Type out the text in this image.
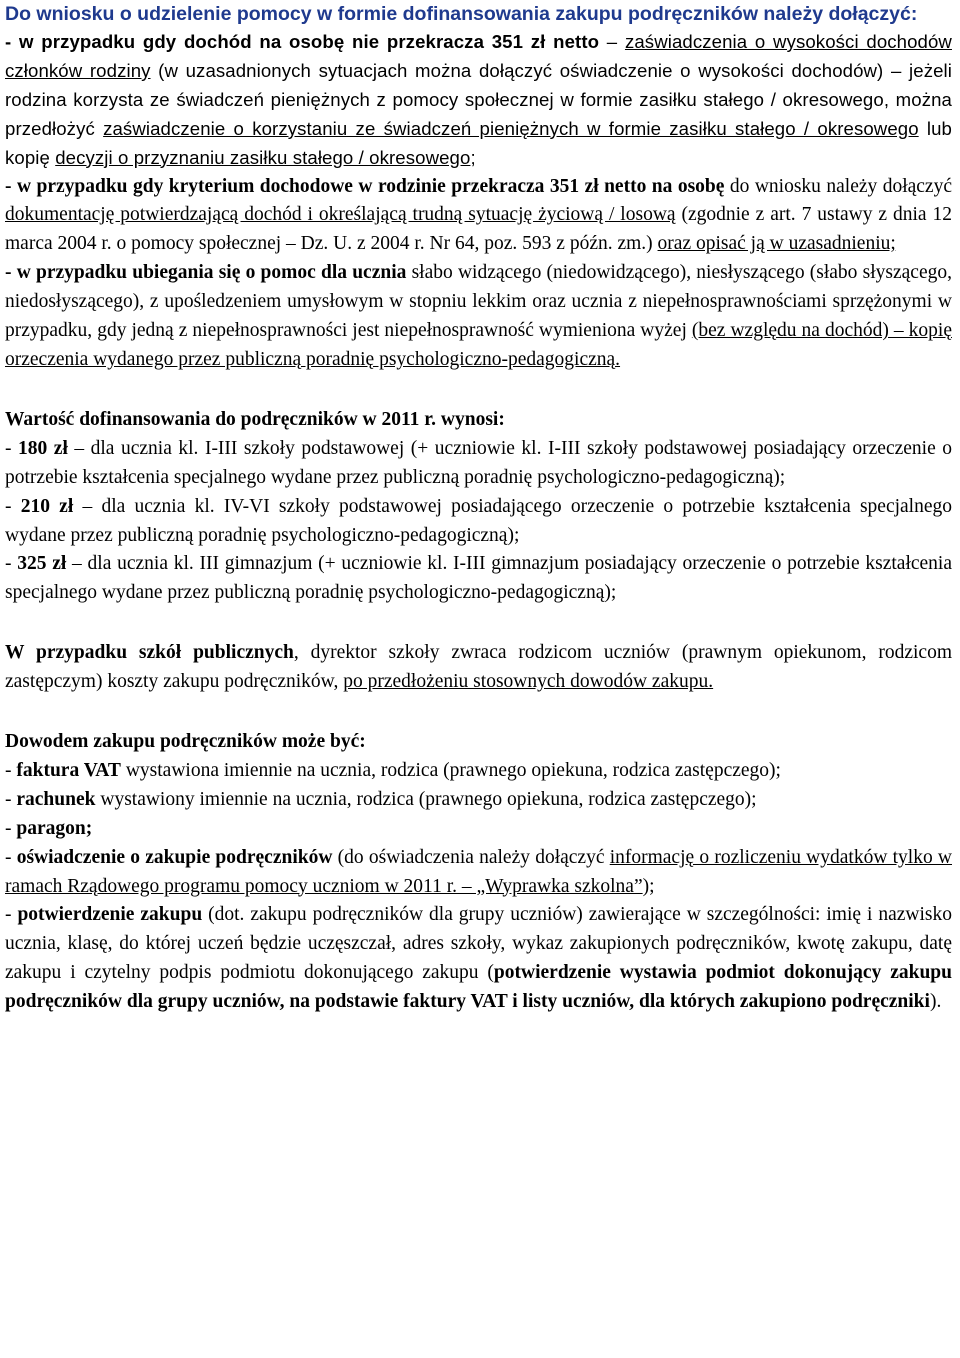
Do wniosku o udzielenie pomocy w formie dofinansowania zakupu podręczników należy dołączyć:

- w przypadku gdy dochód na osobę nie przekracza 351 zł netto – zaświadczenia o wysokości dochodów członków rodziny (w uzasadnionych sytuacjach można dołączyć oświadczenie o wysokości dochodów) – jeżeli rodzina korzysta ze świadczeń pieniężnych z pomocy społecznej w formie zasiłku stałego / okresowego, można przedłożyć zaświadczenie o korzystaniu ze świadczeń pieniężnych w formie zasiłku stałego / okresowego lub kopię decyzji o przyznaniu zasiłku stałego / okresowego;

- w przypadku gdy kryterium dochodowe w rodzinie przekracza 351 zł netto na osobę do wniosku należy dołączyć dokumentację potwierdzającą dochód i określającą trudną sytuację życiową / losową (zgodnie z art. 7 ustawy z dnia 12 marca 2004 r. o pomocy społecznej – Dz. U. z 2004 r. Nr 64, poz. 593 z późn. zm.) oraz opisać ją w uzasadnieniu;

- w przypadku ubiegania się o pomoc dla ucznia słabo widzącego (niedowidzącego), niesłyszącego (słabo słyszącego, niedosłyszącego), z upośledzeniem umysłowym w stopniu lekkim oraz ucznia z niepełnosprawnościami sprzężonymi w przypadku, gdy jedną z niepełnosprawności jest niepełnosprawność wymieniona wyżej (bez względu na dochód) – kopię orzeczenia wydanego przez publiczną poradnię psychologiczno-pedagogiczną.

Wartość dofinansowania do podręczników w 2011 r. wynosi:

- 180 zł – dla ucznia kl. I-III szkoły podstawowej (+ uczniowie kl. I-III szkoły podstawowej posiadający orzeczenie o potrzebie kształcenia specjalnego wydane przez publiczną poradnię psychologiczno-pedagogiczną);

- 210 zł – dla ucznia kl. IV-VI szkoły podstawowej posiadającego orzeczenie o potrzebie kształcenia specjalnego wydane przez publiczną poradnię psychologiczno-pedagogiczną);

- 325 zł – dla ucznia kl. III gimnazjum (+ uczniowie kl. I-III gimnazjum posiadający orzeczenie o potrzebie kształcenia specjalnego wydane przez publiczną poradnię psychologiczno-pedagogiczną);

W przypadku szkół publicznych, dyrektor szkoły zwraca rodzicom uczniów (prawnym opiekunom, rodzicom zastępczym) koszty zakupu podręczników, po przedłożeniu stosownych dowodów zakupu.

Dowodem zakupu podręczników może być:

- faktura VAT wystawiona imiennie na ucznia, rodzica (prawnego opiekuna, rodzica zastępczego);

- rachunek wystawiony imiennie na ucznia, rodzica (prawnego opiekuna, rodzica zastępczego);

- paragon;

- oświadczenie o zakupie podręczników (do oświadczenia należy dołączyć informację o rozliczeniu wydatków tylko w ramach Rządowego programu pomocy uczniom w 2011 r. – „Wyprawka szkolna”);

- potwierdzenie zakupu (dot. zakupu podręczników dla grupy uczniów) zawierające w szczególności: imię i nazwisko ucznia, klasę, do której uczeń będzie uczęszczał, adres szkoły, wykaz zakupionych podręczników, kwotę zakupu, datę zakupu i czytelny podpis podmiotu dokonującego zakupu (potwierdzenie wystawia podmiot dokonujący zakupu podręczników dla grupy uczniów, na podstawie faktury VAT i listy uczniów, dla których zakupiono podręczniki).
